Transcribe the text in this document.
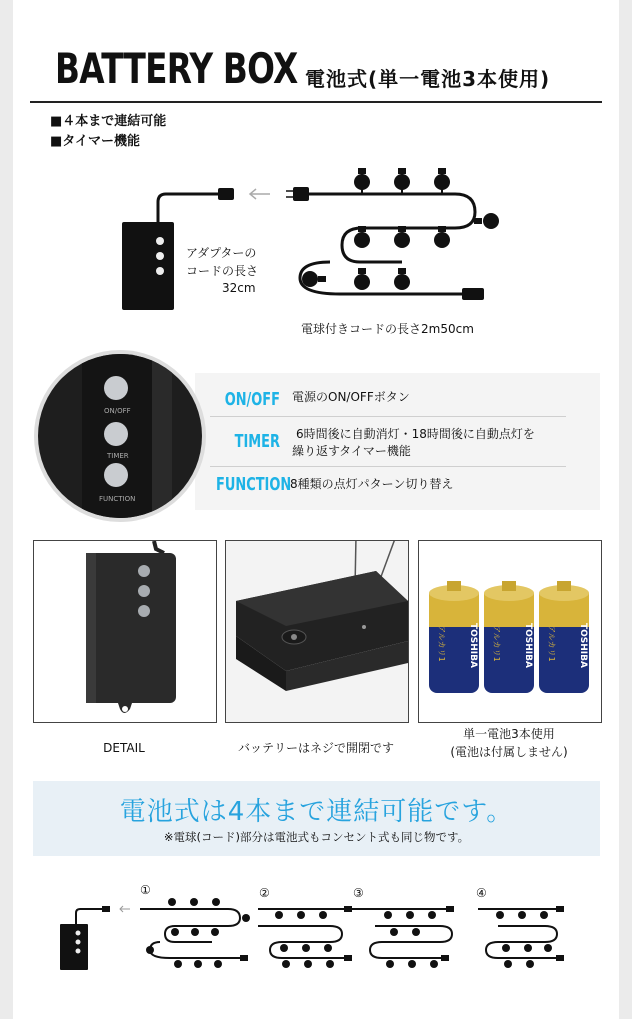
BATTERY BOX 電池式(単一電池3本使用)
■４本まで連結可能
■タイマー機能
アダプターの
コードの長さ
32cm
電球付きコードの長さ2m50cm
ON/OFF
TIMER
FUNCTION
ON/OFF 電源のON/OFFボタン
TIMER 6時間後に自動消灯・18時間後に自動点灯を
繰り返すタイマー機能
FUNCTION
8種類の点灯パターン切り替え
TOSHIBA	TOSHIBA	TOSHIBA
アルカリ1	アルカリ1	アルカリ1
DETAIL	バッテリーはネジで開閉です
単一電池3本使用
(電池は付属しません)
電池式は4本まで連結可能です。
※電球(コード)部分は電池式もコンセント式も同じ物です。
①	②	③	④
